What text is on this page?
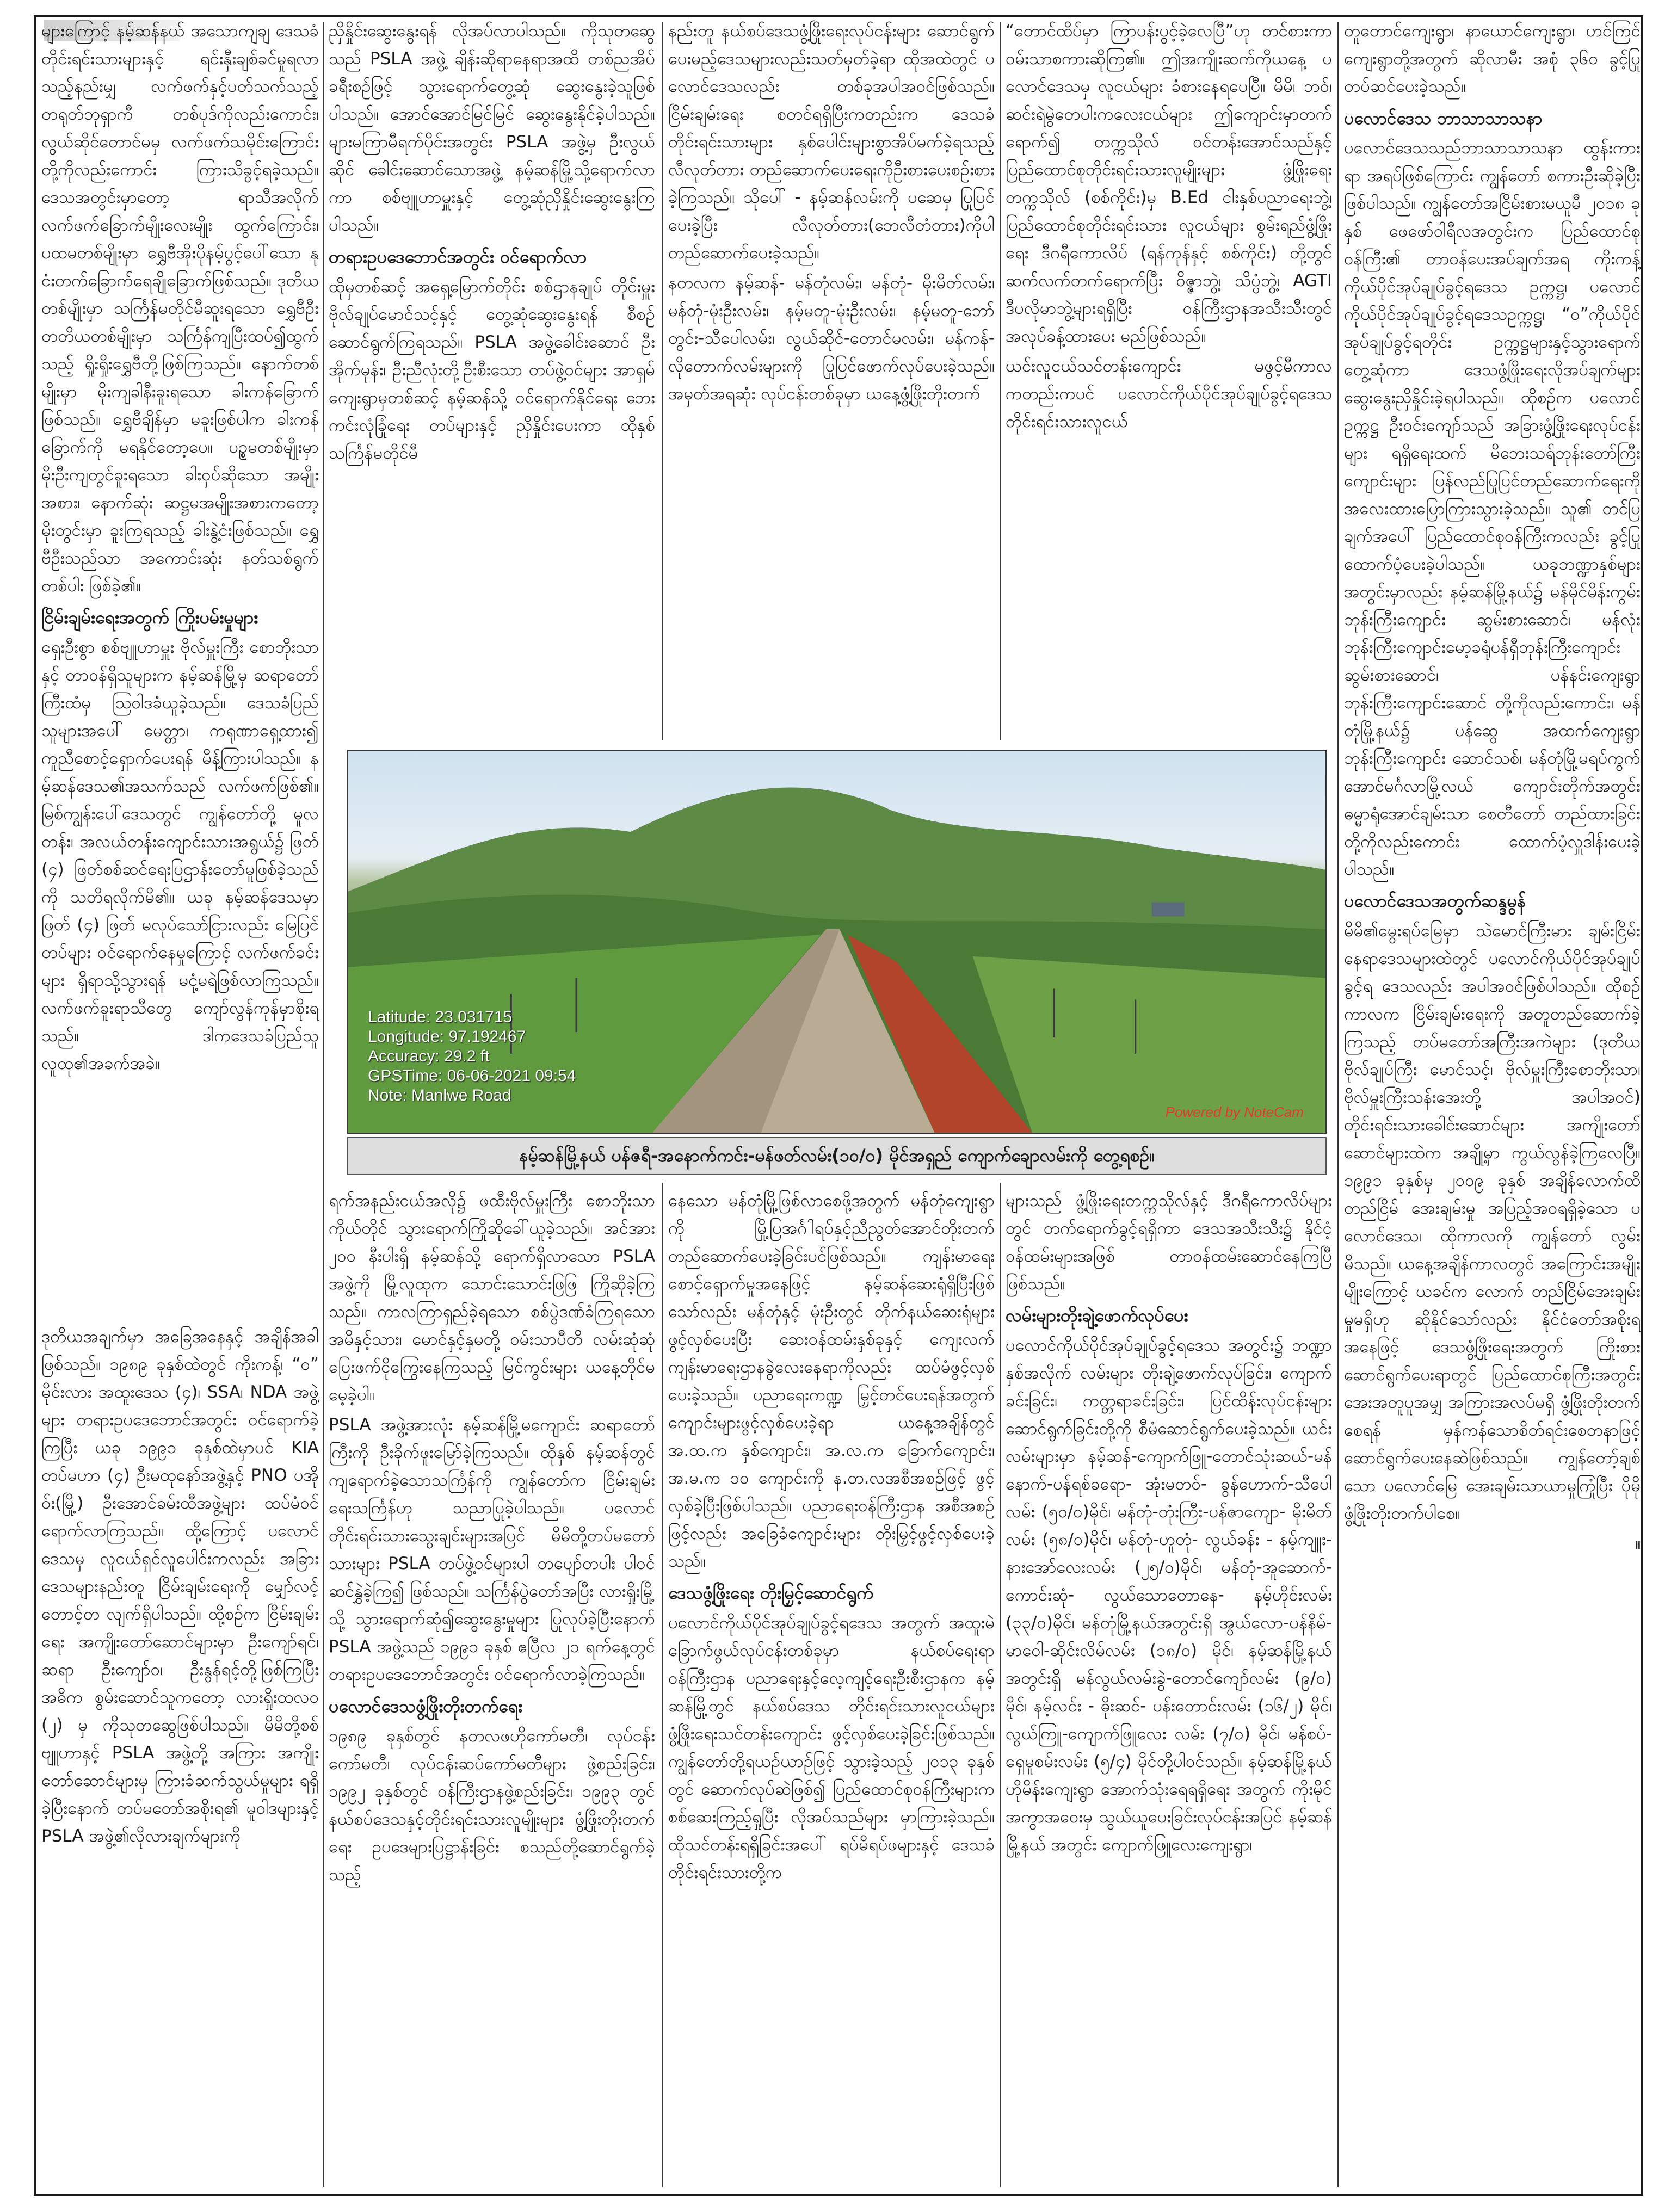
များကြောင့် နမ့်ဆန်နယ် အသောကျချ ဒေသခံတိုင်းရင်းသားများနှင့် ရင်းနှီးချစ်ခင်မှုရလာသည့်နည်းမျှ လက်ဖက်နှင့်ပတ်သက်သည့် တရုတ်ဘုရှာကီ တစ်ပုဒ်ကိုလည်းကောင်း၊ လွယ်ဆိုင်တောင်မမှ လက်ဖက်သမိုင်းကြောင်းတို့ကိုလည်းကောင်း ကြားသိခွင့်ရခဲ့သည်။ ဒေသအတွင်းမှာတော့ ရာသီအလိုက် လက်ဖက်ခြောက်မျိုးလေးမျိုး ထွက်ကြောင်း၊ ပထမတစ်မျိုးမှာ ရွှေဗီအိုးပိုနမ့်ပွင့်ပေါ်သော နုငံးတက်ခြောက်ရေချိုခြောက်ဖြစ်သည်။ ဒုတိယတစ်မျိုးမှာ သင်္ကြန်မတိုင်မီဆူးရသော ရွှေဗီဦးတတိယတစ်မျိုးမှာ သင်္ကြန်ကျပြီးထပ်၍ထွက်သည့် ရှိုးရှိုးရွှေဗီတို့ဖြစ်ကြသည်။ နောက်တစ်မျိုးမှာ မိုးကျခါနီးခူးရသော ခါးကန်ခြောက်ဖြစ်သည်။ ရွှေဗီချိန်မှာ မခူးဖြစ်ပါက ခါးကန်ခြောက်ကို မရနိုင်တော့ပေ။ ပဉ္စမတစ်မျိုးမှာ မိုးဦးကျတွင်ခူးရသော ခါးဝှပ်ဆိုသော အမျိုးအစား၊ နောက်ဆုံး ဆဋ္ဌမအမျိုးအစားကတော့ မိုးတွင်းမှာ ခူးကြရသည့် ခါးနွဲ့ငံးဖြစ်သည်။ ရွှေဗီဦးသည်သာ အကောင်းဆုံး နတ်သစ်ရွက်တစ်ပါး ဖြစ်ခဲ့၏။

ငြိမ်းချမ်းရေးအတွက် ကြိုးပမ်းမှုများ

ရှေးဦးစွာ စစ်ဗျူဟာမှူး ဗိုလ်မှူးကြီး စောဘိုးသာနှင့် တာဝန်ရှိသူများက နမ့်ဆန်မြို့မှ ဆရာတော်ကြီးထံမှ ဩဝါဒခံယူခဲ့သည်။ ဒေသခံပြည်သူများအပေါ် မေတ္တာ၊ ကရုဏာရှေ့ထား၍ ကူညီစောင့်ရှောက်ပေးရန် မိန့်ကြားပါသည်။ နမ့်ဆန်ဒေသ၏အသက်သည် လက်ဖက်ဖြစ်၏။ မြစ်ကျွန်းပေါ်ဒေသတွင် ကျွန်တော်တို့ မူလတန်း၊ အလယ်တန်းကျောင်းသားအရွယ်၌ ဖြတ် (၄) ဖြတ်စစ်ဆင်ရေးပြဌာန်းတော်မူဖြစ်ခဲ့သည်ကို သတိရလိုက်မိ၏။ ယခု နမ့်ဆန်ဒေသမှာ ဖြတ် (၄) ဖြတ် မလုပ်သော်ငြားလည်း မြေပြင်တပ်များ ဝင်ရောက်နေမှုကြောင့် လက်ဖက်ခင်းများ ရှိရာသို့သွားရန် မငုံ့မရဲဖြစ်လာကြသည်။ လက်ဖက်ခူးရာသီတွေ ကျော်လွန်ကုန်မှာစိုးရသည်။ ဒါကဒေသခံပြည်သူ လူထု၏အခက်အခဲ။

ဒုတိယအချက်မှာ အခြေအနေနှင့် အချိန်အခါဖြစ်သည်။ ၁၉၈၉ ခုနှစ်ထဲတွင် ကိုးကန့်၊ “၀” မိုင်းလား အထူးဒေသ (၄)၊ SSA၊ NDA အဖွဲ့များ တရားဥပဒေဘောင်အတွင်း ဝင်ရောက်ခဲ့ကြပြီး ယခု ၁၉၉၁ ခုနှစ်ထဲမှာပင် KIA တပ်မဟာ (၄) ဦးမထုနော်အဖွဲ့နှင့် PNO ပအိုဝ်း(မြို့) ဦးအောင်ခမ်းထီအဖွဲ့များ ထပ်မံဝင်ရောက်လာကြသည်။ ထို့ကြောင့် ပလောင်ဒေသမှ လူငယ်ရှင်လူပေါင်းကလည်း အခြားဒေသများနည်းတူ ငြိမ်းချမ်းရေးကို မျှော်လင့်တောင့်တ လျက်ရှိပါသည်။ ထို့စဉ်က ငြိမ်းချမ်းရေး အကျိုးတော်ဆောင်များမှာ ဦးကျော်ရင်၊ ဆရာ ဦးကျော်ဝ၊ ဦးနွန်ရင့်တို့ဖြစ်ကြပြီး အဓိက စွမ်းဆောင်သူကတော့ လားရှိုးထလဝ (၂) မှ ကိုသုတဆွေဖြစ်ပါသည်။ မိမိတို့စစ်ဗျူဟာနှင့် PSLA အဖွဲ့တို့ အကြား အကျိုးတော်ဆောင်များမှ ကြားခံဆက်သွယ်မှုများ ရရှိခဲ့ပြီးနောက် တပ်မတော်အစိုးရ၏ မူဝါဒများနှင့် PSLA အဖွဲ့၏လိုလားချက်များကို

ညှိနှိုင်းဆွေးနွေးရန် လိုအပ်လာပါသည်။ ကိုသုတဆွေသည် PSLA အဖွဲ့ ချိန်းဆိုရာနေရာအထိ တစ်ညအိပ်ခရီးစဉ်ဖြင့် သွားရောက်တွေ့ဆုံ ဆွေးနွေးခဲ့သူဖြစ်ပါသည်။ အောင်အောင်မြင်မြင် ဆွေးနွေးနိုင်ခဲ့ပါသည်။ များမကြာမီရက်ပိုင်းအတွင်း PSLA အဖွဲ့မှ ဦးလွယ်ဆိုင် ခေါင်းဆောင်သောအဖွဲ့ နမ့်ဆန်မြို့သို့ရောက်လာကာ စစ်ဗျူဟာမှူးနှင့် တွေ့ဆုံညှိနှိုင်းဆွေးနွေးကြပါသည်။

တရားဥပဒေဘောင်အတွင်း ဝင်ရောက်လာ

ထိုမှတစ်ဆင့် အရှေ့မြောက်တိုင်း စစ်ဌာနချုပ် တိုင်းမှူးဗိုလ်ချုပ်မောင်သင့်နှင့် တွေ့ဆုံဆွေးနွေးရန် စီစဉ်ဆောင်ရွက်ကြရသည်။ PSLA အဖွဲ့ခေါင်းဆောင် ဦးအိုက်မုန်း၊ ဦးညီလုံးတို့ဦးစီးသော တပ်ဖွဲ့ဝင်များ အာရှမ်ကျေးရွာမှတစ်ဆင့် နမ့်ဆန်သို့ ဝင်ရောက်နိုင်ရေး ဘေးကင်းလုံခြုံရေး တပ်များနှင့် ညှိနှိုင်းပေးကာ ထိုနှစ်သင်္ကြန်မတိုင်မီ

နည်းတူ နယ်စပ်ဒေသဖွံ့ဖြိုးရေးလုပ်ငန်းများ ဆောင်ရွက်ပေးမည့်ဒေသများလည်းသတ်မှတ်ခဲ့ရာ ထိုအထဲတွင် ပလောင်ဒေသလည်း တစ်ခုအပါအဝင်ဖြစ်သည်။ ငြိမ်းချမ်းရေး စတင်ရရှိပြီးကတည်းက ဒေသခံတိုင်းရင်းသားများ နှစ်ပေါင်းများစွာအိပ်မက်ခဲ့ရသည့် လီလုတ်တား တည်ဆောက်ပေးရေးကိုဦးစားပေးစဉ်းစားခဲ့ကြသည်။ သိုပေါ် - နမ့်ဆန်လမ်းကို ပဆေမှ ပြုပြင်ပေးခဲ့ပြီး လီလုတ်တား(ဘေလီတံတား)ကိုပါ တည်ဆောက်ပေးခဲ့သည်။

နတလက နမ့်ဆန်- မန်တုံလမ်း၊ မန်တုံ- မိုးမိတ်လမ်း၊ မန်တုံ-မုံးဦးလမ်း၊ နမ့်မတူ-မုံးဦးလမ်း၊ နမ့်မတူ-ဘော်တွင်း-သီပေါလမ်း၊ လွယ်ဆိုင်-တောင်မလမ်း၊ မန်ကန်-လိုတောက်လမ်းများကို ပြုပြင်ဖောက်လုပ်ပေးခဲ့သည်။ အမှတ်အရဆုံး လုပ်ငန်းတစ်ခုမှာ ယနေ့ဖွံ့ဖြိုးတိုးတက်

“တောင်ထိပ်မှာ ကြာပန်းပွင့်ခဲ့လေပြီ”ဟု တင်စားကာ ဝမ်းသာစကားဆိုကြ၏။ ဤအကျိုးဆက်ကိုယနေ့ ပလောင်ဒေသမှ လူငယ်များ ခံစားနေရပေပြီ။ မိမိ၊ ဘဝ်၊ ဆင်းရဲမွဲတေပါးကလေးငယ်များ ဤကျောင်းမှာတက်ရောက်၍ တက္ကသိုလ် ဝင်တန်းအောင်သည်နှင့် ပြည်ထောင်စုတိုင်းရင်းသားလူမျိုးများ ဖွံ့ဖြိုးရေး တက္ကသိုလ် (စစ်ကိုင်း)မှ B.Ed ငါးနှစ်ပညာရေးဘွဲ့၊ ပြည်ထောင်စုတိုင်းရင်းသား လူငယ်များ စွမ်းရည်ဖွံ့ဖြိုးရေး ဒီဂရီကောလိပ် (ရန်ကုန်နှင့် စစ်ကိုင်း) တို့တွင် ဆက်လက်တက်ရောက်ပြီး ဝိဇ္ဇာဘွဲ့၊ သိပ္ပံဘွဲ့၊ AGTI ဒီပလိုမာဘွဲ့များရရှိပြီး ဝန်ကြီးဌာနအသီးသီးတွင် အလုပ်ခန့်ထားပေး မည်ဖြစ်သည်။

ယင်းလူငယ်သင်တန်းကျောင်း မဖွင့်မီကာလကတည်းကပင် ပလောင်ကိုယ်ပိုင်အုပ်ချုပ်ခွင့်ရဒေသ တိုင်းရင်းသားလူငယ်

တူတောင်ကျေးရွာ၊ နာယောင်ကျေးရွာ၊ ဟင်ကြင်ကျေးရွာတို့အတွက် ဆိုလာမီး အစုံ ၃၆၀ ခွင့်ပြုတပ်ဆင်ပေးခဲ့သည်။

ပလောင်ဒေသ ဘာသာသာသနာ

ပလောင်ဒေသသည်ဘာသာသာသနာ ထွန်းကားရာ အရပ်ဖြစ်ကြောင်း ကျွန်တော် စကားဦးဆိုခဲ့ပြီးဖြစ်ပါသည်။ ကျွန်တော်အငြိမ်းစားမယူမီ ၂၀၁၈ ခုနှစ် ဖေဖော်ဝါရီလအတွင်းက ပြည်ထောင်စုဝန်ကြီး၏ တာဝန်ပေးအပ်ချက်အရ ကိုးကန့် ကိုယ်ပိုင်အုပ်ချုပ်ခွင့်ရဒေသ ဥက္ကဋ္ဌ၊ ပလောင်ကိုယ်ပိုင်အုပ်ချုပ်ခွင့်ရဒေသဥက္ကဋ္ဌ၊ “၀”ကိုယ်ပိုင်အုပ်ချုပ်ခွင့်ရတိုင်း ဥက္ကဋ္ဌများနှင့်သွားရောက်တွေ့ဆုံကာ ဒေသဖွံ့ဖြိုးရေးလိုအပ်ချက်များ ဆွေးနွေးညှိနှိုင်းခဲ့ရပါသည်။ ထိုစဉ်က ပလောင်ဥက္ကဋ္ဌ ဦးဝင်းကျော်သည် အခြားဖွံ့ဖြိုးရေးလုပ်ငန်းများ ရရှိရေးထက် မိဘေးသရ်ဘုန်းတော်ကြီး ကျောင်းများ ပြန်လည်ပြုပြင်တည်ဆောက်ရေးကို အလေးထားပြောကြားသွားခဲ့သည်။ သူ၏ တင်ပြချက်အပေါ် ပြည်ထောင်စုဝန်ကြီးကလည်း ခွင့်ပြု ထောက်ပံ့ပေးခဲ့ပါသည်။ ယခုဘဏ္ဍာနှစ်များအတွင်းမှာလည်း နမ့်ဆန်မြို့နယ်၌ မန်မိုင်မိန်းကွမ်း ဘုန်းကြီးကျောင်း ဆွမ်းစားဆောင်၊ မန်လုံးဘုန်းကြီးကျောင်းမော့ခရုံပန်ရှီဘုန်းကြီးကျောင်း ဆွမ်းစားဆောင်၊ ပန်နင်းကျေးရွာ ဘုန်းကြီးကျောင်းဆောင် တို့ကိုလည်းကောင်း၊ မန်တုံမြို့နယ်၌ ပန်ဆွေ အထက်ကျေးရွာ ဘုန်းကြီးကျောင်း ဆောင်သစ်၊ မန်တုံမြို့မရပ်ကွက် အောင်မင်္ဂလာမြို့လယ် ကျောင်းတိုက်အတွင်း ဓမ္မာရုံအောင်ချမ်းသာ စေတီတော် တည်ထားခြင်းတို့ကိုလည်းကောင်း ထောက်ပံ့လှူဒါန်းပေးခဲ့ပါသည်။

ပလောင်ဒေသအတွက်ဆန္ဒမွန်

မိမိ၏မွေးရပ်မြေမှာ သဲမောင်ကြီးမား ချမ်းငြိမ်း နေရာဒေသများထဲတွင် ပလောင်ကိုယ်ပိုင်အုပ်ချုပ်ခွင့်ရ ဒေသလည်း အပါအဝင်ဖြစ်ပါသည်။ ထိုစဉ်ကာလက ငြိမ်းချမ်းရေးကို အတူတည်ဆောက်ခဲ့ကြသည့် တပ်မတော်အကြီးအကဲများ (ဒုတိယဗိုလ်ချုပ်ကြီး မောင်သင့်၊ ဗိုလ်မှူးကြီးစောဘိုးသာ၊ ဗိုလ်မှူးကြီးသန်းအေးတို့ အပါအဝင်) တိုင်းရင်းသားခေါင်းဆောင်များ အကျိုးတော်ဆောင်များထဲက အချို့မှာ ကွယ်လွန်ခဲ့ကြလေပြီ။ ၁၉၉၁ ခုနှစ်မှ ၂၀၀၉ ခုနှစ် အချိန်လောက်ထိ တည်ငြိမ် အေးချမ်းမှု အပြည့်အဝရရှိခဲ့သော ပလောင်ဒေသ၊ ထိုကာလကို ကျွန်တော် လွမ်းမိသည်။ ယနေ့အချိန်ကာလတွင် အကြောင်းအမျိုးမျိုးကြောင့် ယခင်က လောက် တည်ငြိမ်အေးချမ်းမှုမရှိဟု ဆိုနိုင်သော်လည်း နိုင်ငံတော်အစိုးရ အနေဖြင့် ဒေသဖွံ့ဖြိုးရေးအတွက် ကြိုးစား ဆောင်ရွက်ပေးရာတွင် ပြည်ထောင်စုကြီးအတွင်း အေးအတူပူအမျှ အကြားအလပ်မရှိ ဖွံ့ဖြိုးတိုးတက်စေရန် မှန်ကန်သောစိတ်ရင်းစေတနာဖြင့် ဆောင်ရွက်ပေးနေဆဲဖြစ်သည်။ ကျွန်တော့်ချစ်သော ပလောင်မြေ အေးချမ်းသာယာမှုကြုံပြီး ပိုမိုဖွံ့ဖြိုးတိုးတက်ပါစေ။

။

Latitude: 23.031715
Longitude: 97.192467
Accuracy: 29.2 ft
GPSTime: 06-06-2021 09:54
Note: Manlwe Road
Powered by NoteCam
နမ့်ဆန်မြို့နယ် ပန်ဇရီ-အနောက်ကင်း-မန်ဖတ်လမ်း(၁၀/၀) မိုင်အရှည် ကျောက်ချောလမ်းကို တွေ့ရစဉ်။

ရက်အနည်းငယ်အလို၌ ဖထီးဗိုလ်မှူးကြီး စောဘိုးသာကိုယ်တိုင် သွားရောက်ကြိုဆိုခေါ်ယူခဲ့သည်။ အင်အား ၂၀၀ နီးပါးရှိ နမ့်ဆန်သို့ ရောက်ရှိလာသော PSLA အဖွဲ့ကို မြို့လူထုက သောင်းသောင်းဖြဖြ ကြိုဆိုခဲ့ကြသည်။ ကာလကြာရှည်ခဲ့ရသော စစ်ပွဲဒဏ်ခံကြရသော အမိနှင့်သား၊ မောင်နှင့်နှမတို့ ဝမ်းသာပီတိ လမ်းဆုံဆုံ ပြေးဖက်ငိုကြွေးနေကြသည့် မြင်ကွင်းများ ယနေ့တိုင်မမေ့ခဲ့ပါ။

PSLA အဖွဲ့အားလုံး နမ့်ဆန်မြို့မကျောင်း ဆရာတော်ကြီးကို ဦးခိုက်ဖူးမြော်ခဲ့ကြသည်။ ထိုနှစ် နမ့်ဆန်တွင် ကျရောက်ခဲ့သောသင်္ကြန်ကို ကျွန်တော်က ငြိမ်းချမ်းရေးသင်္ကြန်ဟု သညာပြုခဲ့ပါသည်။ ပလောင်တိုင်းရင်းသားသွေးချင်းများအပြင် မိမိတို့တပ်မတော်သားများ PSLA တပ်ဖွဲ့ဝင်များပါ တပျော်တပါး ပါဝင်ဆင်နွှဲခဲ့ကြ၍ ဖြစ်သည်။ သင်္ကြန်ပွဲတော်အပြီး လားရှိုးမြို့သို့ သွားရောက်ဆုံ၍ဆွေးနွေးမှုများ ပြုလုပ်ခဲ့ပြီးနောက် PSLA အဖွဲ့သည် ၁၉၉၁ ခုနှစ် ဧပြီလ ၂၁ ရက်နေ့တွင် တရားဥပဒေဘောင်အတွင်း ဝင်ရောက်လာခဲ့ကြသည်။

ပလောင်ဒေသဖွံ့ဖြိုးတိုးတက်ရေး

၁၉၈၉ ခုနှစ်တွင် နတလဖဟိုကော်မတီ၊ လုပ်ငန်းကော်မတီ၊ လုပ်ငန်းဆပ်ကော်မတီများ ဖွဲ့စည်းခြင်း၊ ၁၉၉၂ ခုနှစ်တွင် ဝန်ကြီးဌာနဖွဲ့စည်းခြင်း၊ ၁၉၉၃ တွင် နယ်စပ်ဒေသနှင့်တိုင်းရင်းသားလူမျိုးများ ဖွံ့ဖြိုးတိုးတက်ရေး ဥပဒေများပြဋ္ဌာန်းခြင်း စသည်တို့ဆောင်ရွက်ခဲ့သည့်

နေသော မန်တုံမြို့ဖြစ်လာစေဖို့အတွက် မန်တုံကျေးရွာကို မြို့ပြအင်္ဂါရပ်နှင့်ညီညွတ်အောင်တိုးတက်တည်ဆောက်ပေးခဲ့ခြင်းပင်ဖြစ်သည်။ ကျန်းမာရေးစောင့်ရှောက်မှုအနေဖြင့် နမ့်ဆန်ဆေးရုံရှိပြီးဖြစ်သော်လည်း မန်တုံနှင့် မုံးဦးတွင် တိုက်နယ်ဆေးရုံများ ဖွင့်လှစ်ပေးပြီး ဆေးဝန်ထမ်းနှစ်ခုနှင့် ကျေးလက်ကျန်းမာရေးဌာနခွဲလေးနေရာကိုလည်း ထပ်မံဖွင့်လှစ်ပေးခဲ့သည်။ ပညာရေးကဏ္ဍ မြှင့်တင်ပေးရန်အတွက် ကျောင်းများဖွင့်လှစ်ပေးခဲ့ရာ ယနေ့အချိန်တွင် အ.ထ.က နှစ်ကျောင်း၊ အ.လ.က ခြောက်ကျောင်း၊ အ.မ.က ၁၀ ကျောင်းကို န.တ.လအစီအစဉ်ဖြင့် ဖွင့်လှစ်ခဲ့ပြီးဖြစ်ပါသည်။ ပညာရေးဝန်ကြီးဌာန အစီအစဉ်ဖြင့်လည်း အခြေခံကျောင်းများ တိုးမြှင့်ဖွင့်လှစ်ပေးခဲ့သည်။

ဒေသဖွံ့ဖြိုးရေး တိုးမြှင့်ဆောင်ရွက်

ပလောင်ကိုယ်ပိုင်အုပ်ချုပ်ခွင့်ရဒေသ အတွက် အထူးမဲခြောက်ဖွယ်လုပ်ငန်းတစ်ခုမှာ နယ်စပ်ရေးရာဝန်ကြီးဌာန ပညာရေးနှင့်လေ့ကျင့်ရေးဦးစီးဌာနက နမ့်ဆန်မြို့တွင် နယ်စပ်ဒေသ တိုင်းရင်းသားလူငယ်များ ဖွံ့ဖြိုးရေးသင်တန်းကျောင်း ဖွင့်လှစ်ပေးခဲ့ခြင်းဖြစ်သည်။ ကျွန်တော်တို့ရယဉ်ယာဉ်ဖြင့် သွားခဲ့သည့် ၂၀၁၃ ခုနှစ်တွင် ဆောက်လုပ်ဆဲဖြစ်၍ ပြည်ထောင်စုဝန်ကြီးများက စစ်ဆေးကြည့်ရှုပြီး လိုအပ်သည်များ မှာကြားခဲ့သည်။ ထိုသင်တန်းရရှိခြင်းအပေါ် ရပ်မိရပ်ဖများနှင့် ဒေသခံတိုင်းရင်းသားတို့က

များသည် ဖွံ့ဖြိုးရေးတက္ကသိုလ်နှင့် ဒီဂရီကောလိပ်များတွင် တက်ရောက်ခွင့်ရရှိကာ ဒေသအသီးသီး၌ နိုင်ငံ့ဝန်ထမ်းများအဖြစ် တာဝန်ထမ်းဆောင်နေကြပြီဖြစ်သည်။

လမ်းများတိုးချဲ့ဖောက်လုပ်ပေး

ပလောင်ကိုယ်ပိုင်အုပ်ချုပ်ခွင့်ရဒေသ အတွင်း၌ ဘဏ္ဍာနှစ်အလိုက် လမ်းများ တိုးချဲ့ဖောက်လုပ်ခြင်း၊ ကျောက်ခင်းခြင်း၊ ကတ္တရာခင်းခြင်း၊ ပြင်ထိန်းလုပ်ငန်းများ ဆောင်ရွက်ခြင်းတို့ကို စီမံဆောင်ရွက်ပေးခဲ့သည်။ ယင်းလမ်းများမှာ နမ့်ဆန်-ကျောက်ဖြူ-တောင်သုံးဆယ်-မန်နောက်-ပန်ရစ်ခရော- အုံးမတဝ်- ခွန်ဟောက်-သီပေါလမ်း (၅၀/၀)မိုင်၊ မန်တုံ-တုံးကြီး-ပန်ဇာကျော- မိုးမိတ်လမ်း (၅၈/၀)မိုင်၊ မန်တုံ-ဟူတုံ- လွယ်ခန်း - နမ့်ကျူး-နားအော်လေးလမ်း (၂၅/၀)မိုင်၊ မန်တုံ-အူဆောက်- ကောင်းဆုံ- လွယ်သောတောနေ- နမ့်ဟိုင်းလမ်း (၃၃/၀)မိုင်၊ မန်တုံမြို့နယ်အတွင်းရှိ အွယ်လော-ပန်နိမ်-မာဝေါ-ဆိုင်းလိမ်လမ်း (၁၈/၀) မိုင်၊ နမ့်ဆန်မြို့နယ်အတွင်းရှိ မန်လွယ်လမ်းခွဲ-တောင်ကျော်လမ်း (၉/၀) မိုင်၊ နမ့်လင်း - ဓိုးဆင်- ပန်းတောင်းလမ်း (၁၆/၂) မိုင်၊ လွယ်ကြူ-ကျောက်ဖြူလေး လမ်း (၇/၀) မိုင်၊ မန်စပ်-ရှေမူစမ်းလမ်း (၅/၄) မိုင်တို့ပါဝင်သည်။ နမ့်ဆန်မြို့နယ် ဟိုမိန်းကျေးရွာ အောက်သုံးရေရရှိရေး အတွက် ကိုးမိုင်အကွာအဝေးမှ သွယ်ယူပေးခြင်းလုပ်ငန်းအပြင် နမ့်ဆန်မြို့နယ် အတွင်း ကျောက်ဖြူလေးကျေးရွာ၊
